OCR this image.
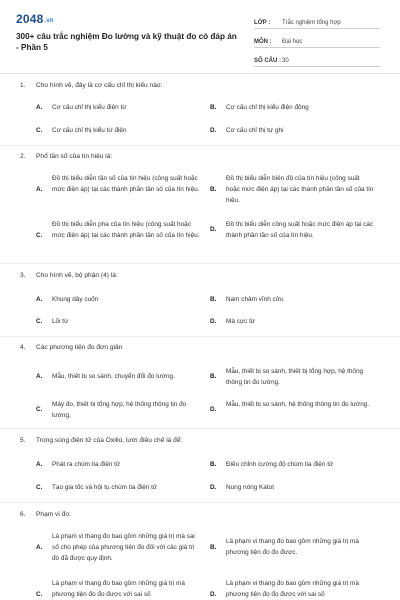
2048.vn
300+ câu trắc nghiệm Đo lường và kỹ thuật đo có đáp án - Phần 5
LỚP :	Trắc nghiệm tổng hợp
MÔN :	Đại học
SỐ CÂU : 30
1. Cho hình vẽ, đây là cơ cấu chỉ thị kiểu nào:
A. Cơ cấu chỉ thị kiểu điện từ	B. Cơ cấu chỉ thị kiểu điện động
C. Cơ cấu chỉ thị kiểu từ điện	D. Cơ cấu chỉ thị tự ghi
2. Phổ tần số của tín hiệu là:
A.
Đồ thị biểu diễn tần số của tín hiệu (công suất hoặc mức điện áp) tại các thành phần tần số của tín hiệu. B.
Đồ thị biểu diễn biên độ của tín hiệu (công suất hoặc mức điện áp) tại các thành phần tần số của tín hiệu.
C.
Đồ thị biểu diễn pha của tín hiệu (công suất hoặc mức điện áp) tại các thành phần tần số của tín hiệu.
D.
Đồ thị biểu diễn công suất hoặc mức điện áp tại các thành phần tần số của tín hiệu.
3. Cho hình vẽ, bộ phận (4) là:
A. Khung dây cuốn	B. Nam châm vĩnh cửu
C. Lõi từ	D. Má cực từ
4. Các phương tiện đo đơn giản
A. Mẫu, thiết bị so sánh, chuyển đổi đo lường.	B.
Mẫu, thiết bị so sánh, thiết bị tổng hợp, hệ thống thông tin đo lường.
C.
Máy đo, thiết bị tổng hợp, hệ thống thông tin đo lường.
D.
Mẫu, thiết bị so sánh, hệ thống thông tin đo lường.
5. Trong súng điện tử của Oxillo, lưới điều chế là để:
A. Phát ra chùm tia điện tử	B. Điều chỉnh cường độ chùm tia điện tử
C. Tạo gia tốc và hội tụ chùm tia điện tử	D. Nung nóng Katot
6. Phạm vi đo:
A.
Là phạm vi thang đo bao gồm những giá trị mà sai số cho phép của phương tiện đo đối với các giá trị đó đã được quy định.
B.
Là phạm vi thang đo bao gồm những giá trị mà phương tiện đo đo được.
C.
Là phạm vi thang đo bao gồm những giá trị mà phương tiện đo đo được với sai số	D.
Là phạm vi thang đo bao gồm những giá trị mà phương tiện đo đo được với sai số
